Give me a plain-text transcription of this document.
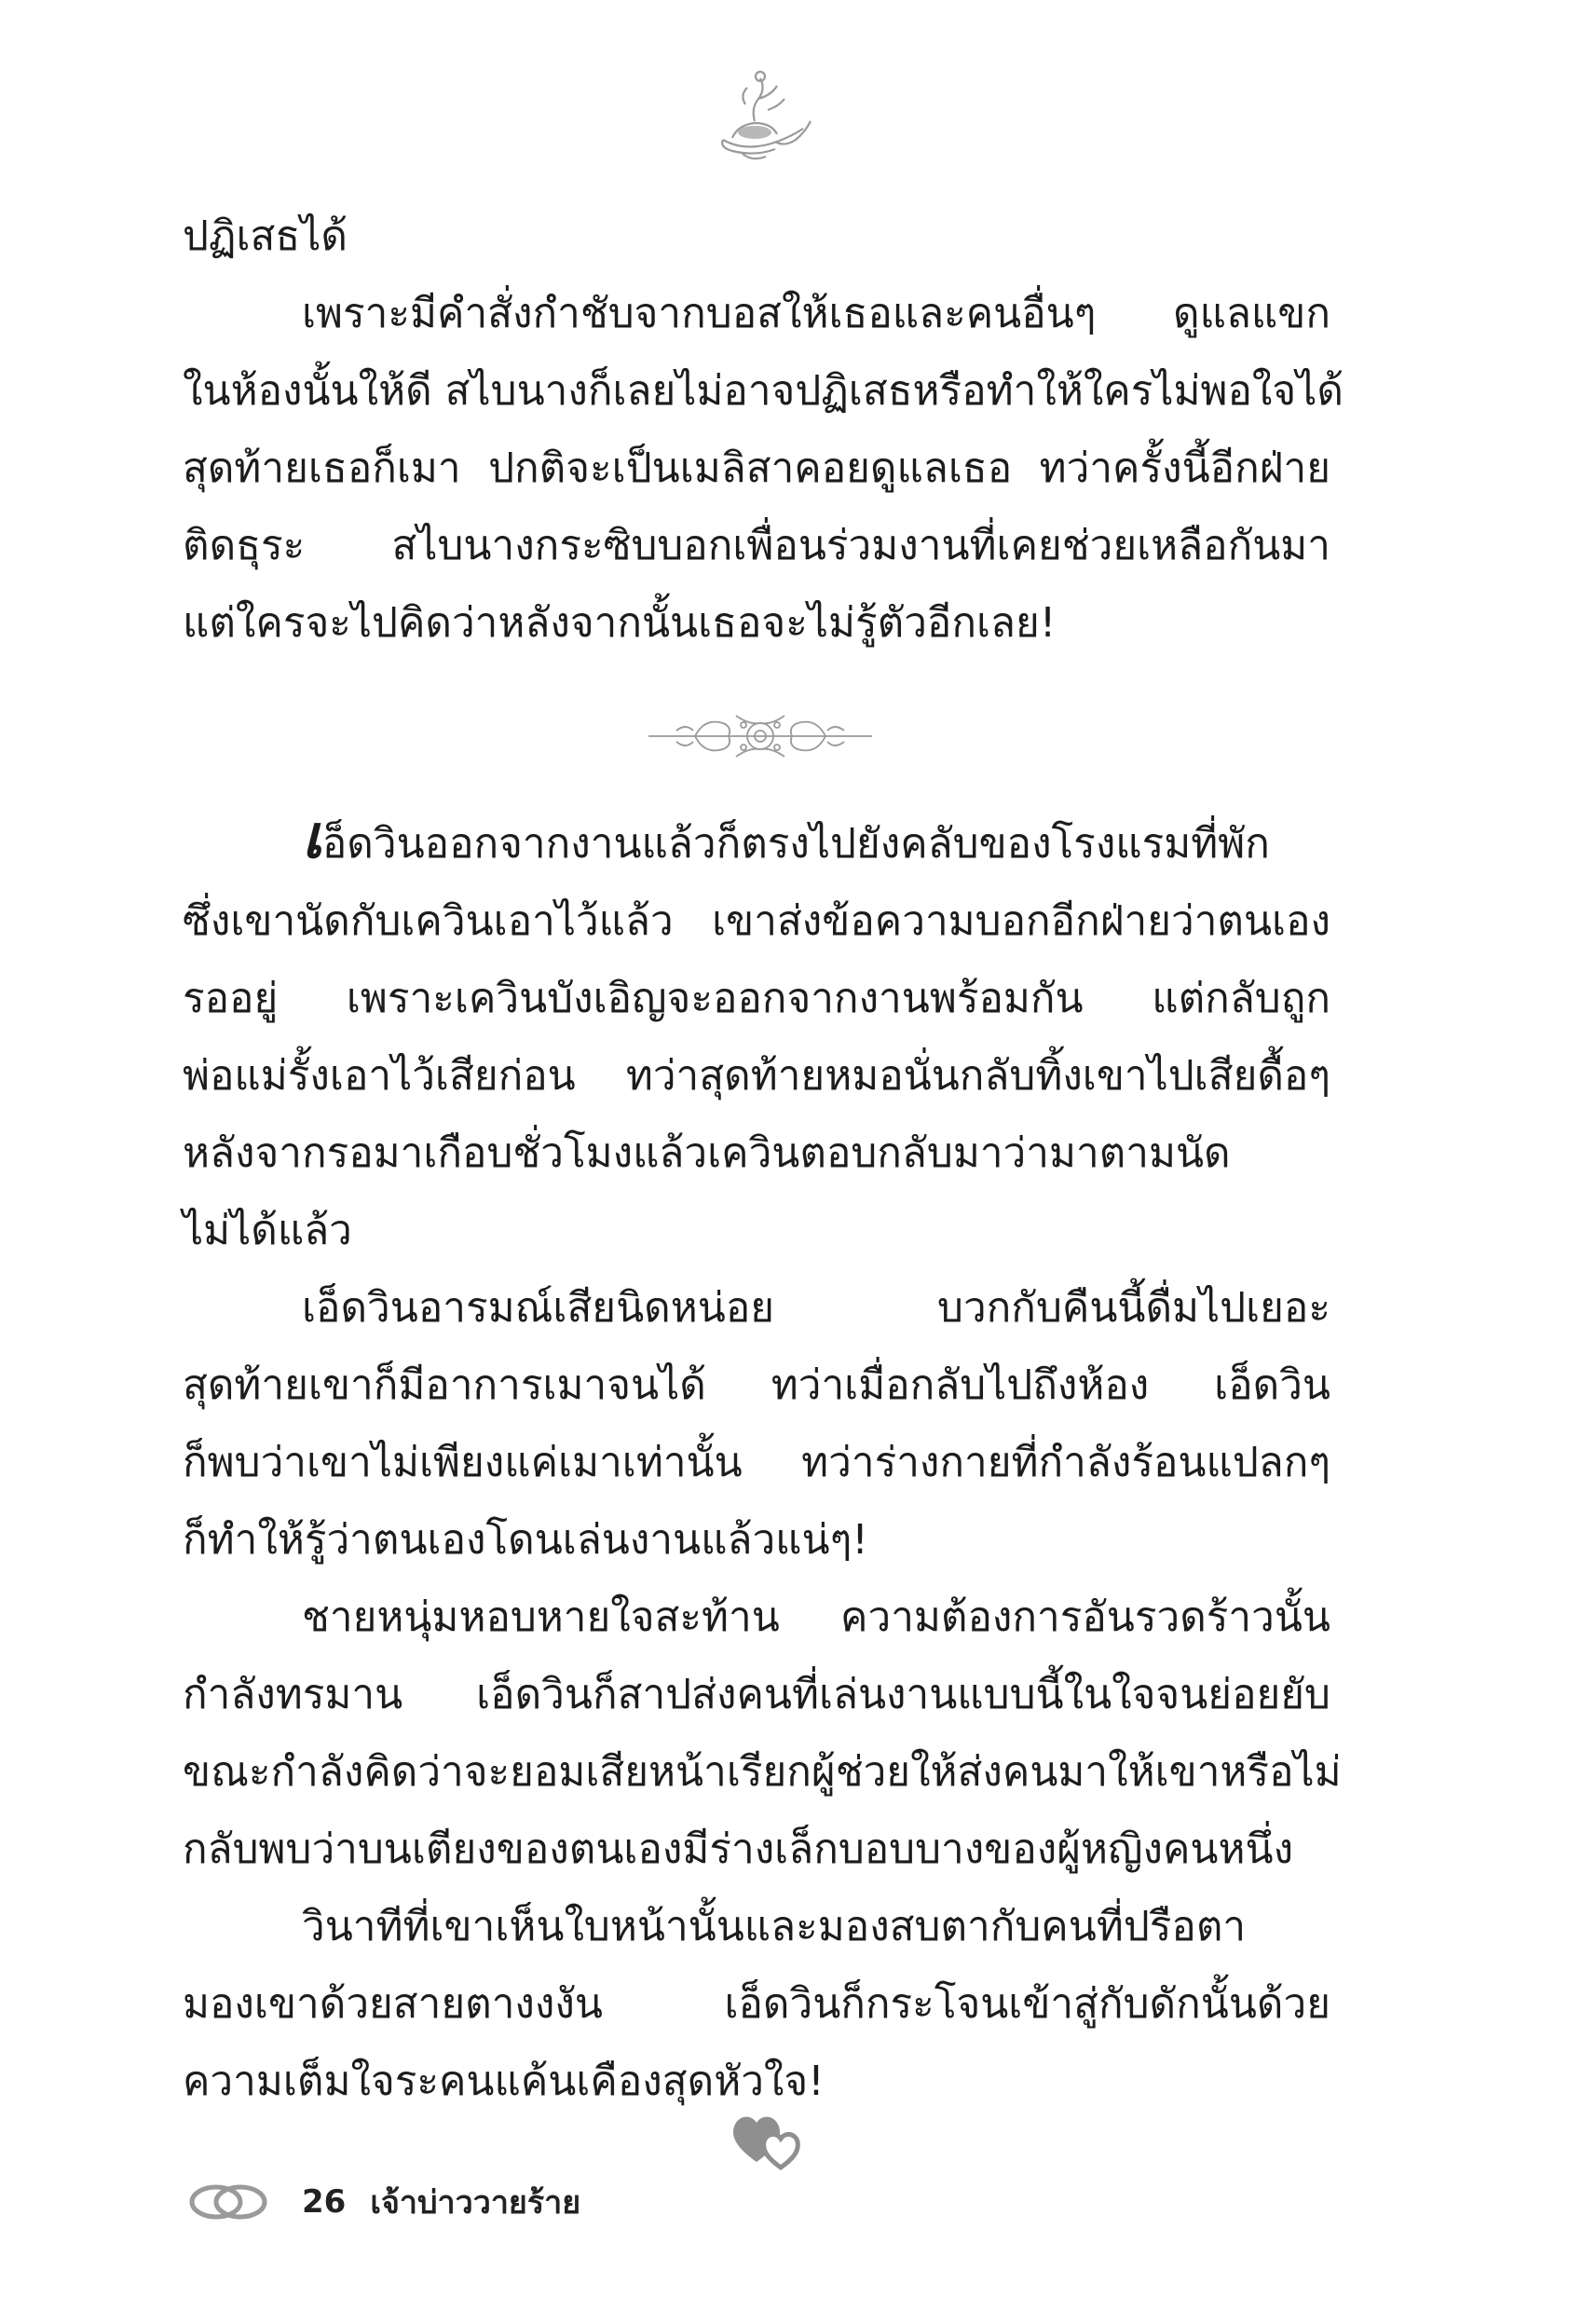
ปฏิเสธได้

เพราะมีคำสั่งกำชับจากบอสให้เธอและคนอื่นๆ ดูแลแขก
ในห้องนั้นให้ดี สไบนางก็เลยไม่อาจปฏิเสธหรือทำให้ใครไม่พอใจได้
สุดท้ายเธอก็เมา ปกติจะเป็นเมลิสาคอยดูแลเธอ ทว่าครั้งนี้อีกฝ่าย
ติดธุระ สไบนางกระซิบบอกเพื่อนร่วมงานที่เคยช่วยเหลือกันมา
แต่ใครจะไปคิดว่าหลังจากนั้นเธอจะไม่รู้ตัวอีกเลย!

เอ็ดวินออกจากงานแล้วก็ตรงไปยังคลับของโรงแรมที่พัก
ซึ่งเขานัดกับเควินเอาไว้แล้ว เขาส่งข้อความบอกอีกฝ่ายว่าตนเอง
รออยู่ เพราะเควินบังเอิญจะออกจากงานพร้อมกัน แต่กลับถูก
พ่อแม่รั้งเอาไว้เสียก่อน ทว่าสุดท้ายหมอนั่นกลับทิ้งเขาไปเสียดื้อๆ
หลังจากรอมาเกือบชั่วโมงแล้วเควินตอบกลับมาว่ามาตามนัด
ไม่ได้แล้ว

เอ็ดวินอารมณ์เสียนิดหน่อย บวกกับคืนนี้ดื่มไปเยอะ
สุดท้ายเขาก็มีอาการเมาจนได้ ทว่าเมื่อกลับไปถึงห้อง เอ็ดวิน
ก็พบว่าเขาไม่เพียงแค่เมาเท่านั้น ทว่าร่างกายที่กำลังร้อนแปลกๆ
ก็ทำให้รู้ว่าตนเองโดนเล่นงานแล้วแน่ๆ!

ชายหนุ่มหอบหายใจสะท้าน ความต้องการอันรวดร้าวนั้น
กำลังทรมาน เอ็ดวินก็สาปส่งคนที่เล่นงานแบบนี้ในใจจนย่อยยับ
ขณะกำลังคิดว่าจะยอมเสียหน้าเรียกผู้ช่วยให้ส่งคนมาให้เขาหรือไม่
กลับพบว่าบนเตียงของตนเองมีร่างเล็กบอบบางของผู้หญิงคนหนึ่ง

วินาทีที่เขาเห็นใบหน้านั้นและมองสบตากับคนที่ปรือตา
มองเขาด้วยสายตางงงัน เอ็ดวินก็กระโจนเข้าสู่กับดักนั้นด้วย
ความเต็มใจระคนแค้นเคืองสุดหัวใจ!

26 เจ้าบ่าววายร้าย
